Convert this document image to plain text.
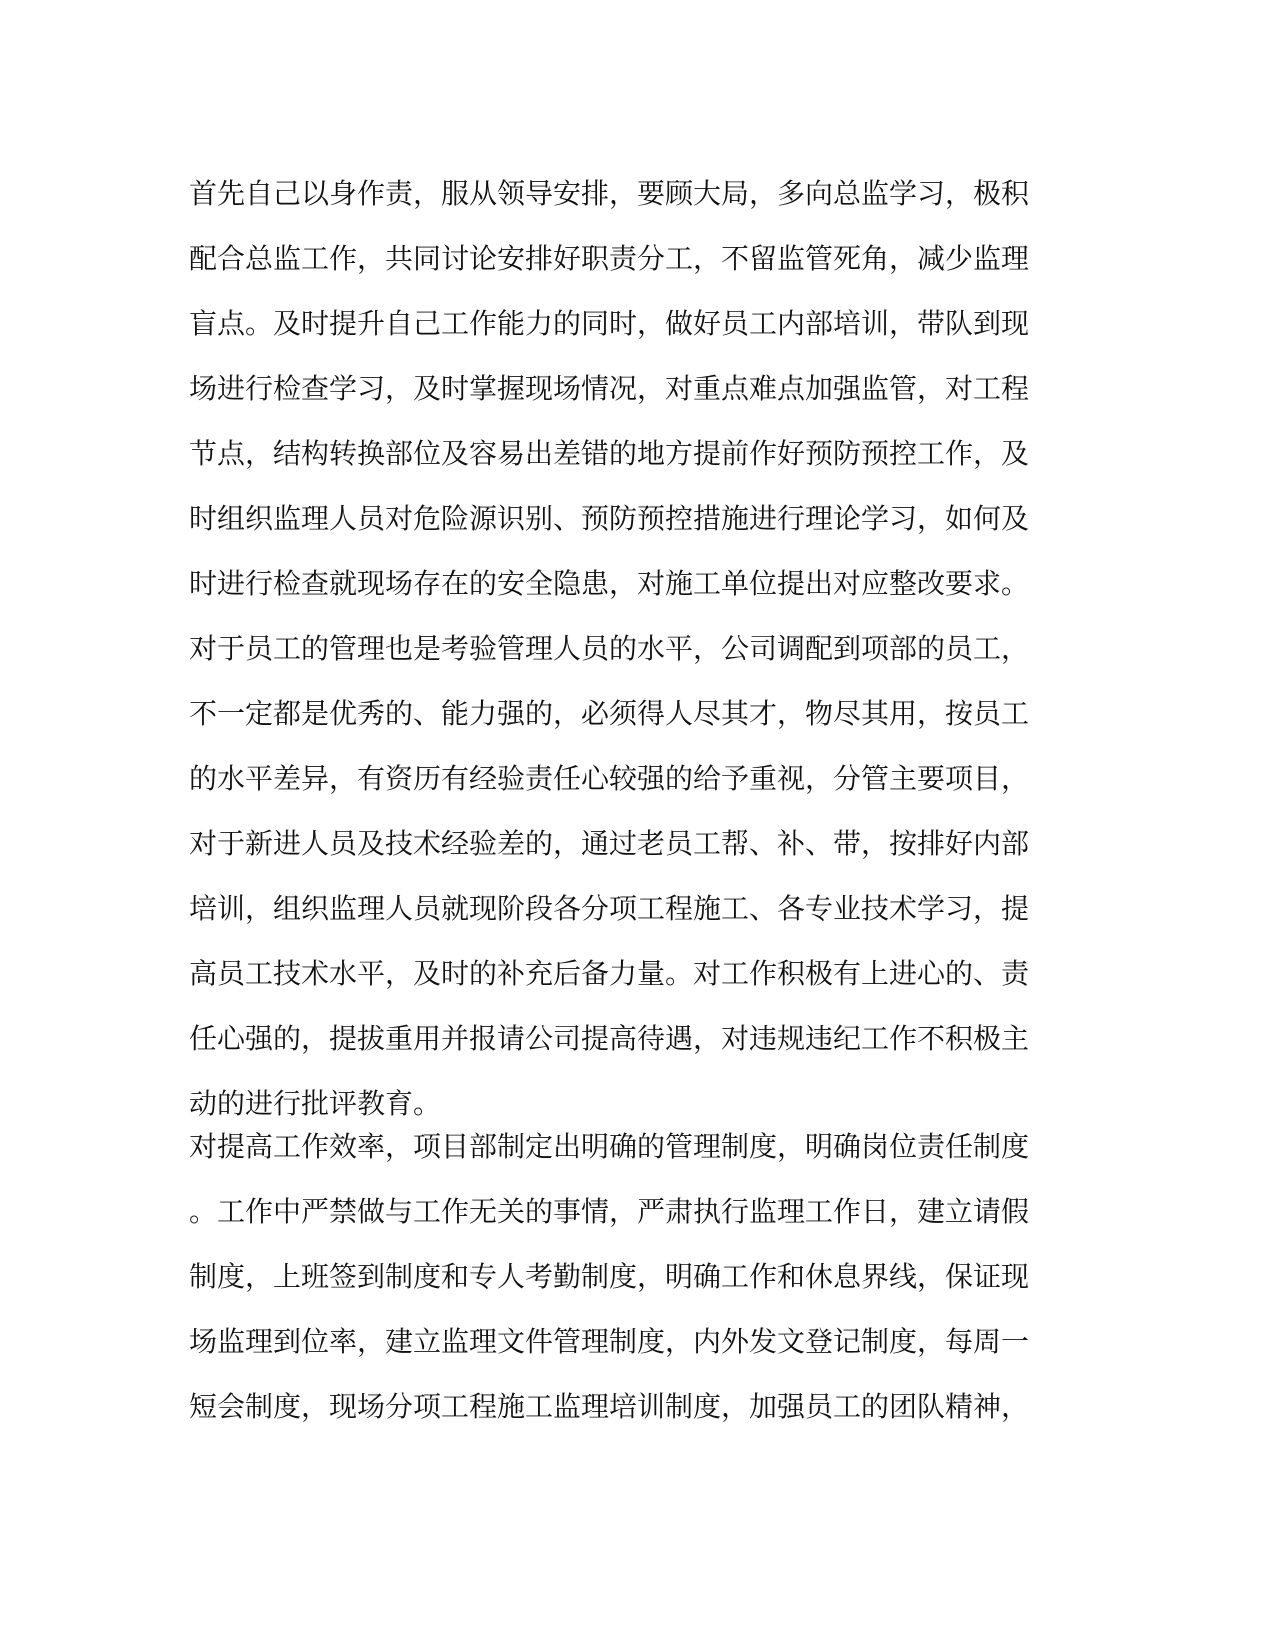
首先自己以身作责，服从领导安排，要顾大局，多向总监学习，极积
配合总监工作，共同讨论安排好职责分工，不留监管死角，减少监理
盲点。及时提升自己工作能力的同时，做好员工内部培训，带队到现
场进行检查学习，及时掌握现场情况，对重点难点加强监管，对工程
节点，结构转换部位及容易出差错的地方提前作好预防预控工作，及
时组织监理人员对危险源识别、预防预控措施进行理论学习，如何及
时进行检查就现场存在的安全隐患，对施工单位提出对应整改要求。
对于员工的管理也是考验管理人员的水平，公司调配到项部的员工，
不一定都是优秀的、能力强的，必须得人尽其才，物尽其用，按员工
的水平差异，有资历有经验责任心较强的给予重视，分管主要项目，
对于新进人员及技术经验差的，通过老员工帮、补、带，按排好内部
培训，组织监理人员就现阶段各分项工程施工、各专业技术学习，提
高员工技术水平，及时的补充后备力量。对工作积极有上进心的、责
任心强的，提拔重用并报请公司提高待遇，对违规违纪工作不积极主
动的进行批评教育。
对提高工作效率，项目部制定出明确的管理制度，明确岗位责任制度
。工作中严禁做与工作无关的事情，严肃执行监理工作日，建立请假
制度，上班签到制度和专人考勤制度，明确工作和休息界线，保证现
场监理到位率，建立监理文件管理制度，内外发文登记制度，每周一
短会制度，现场分项工程施工监理培训制度，加强员工的团队精神，
